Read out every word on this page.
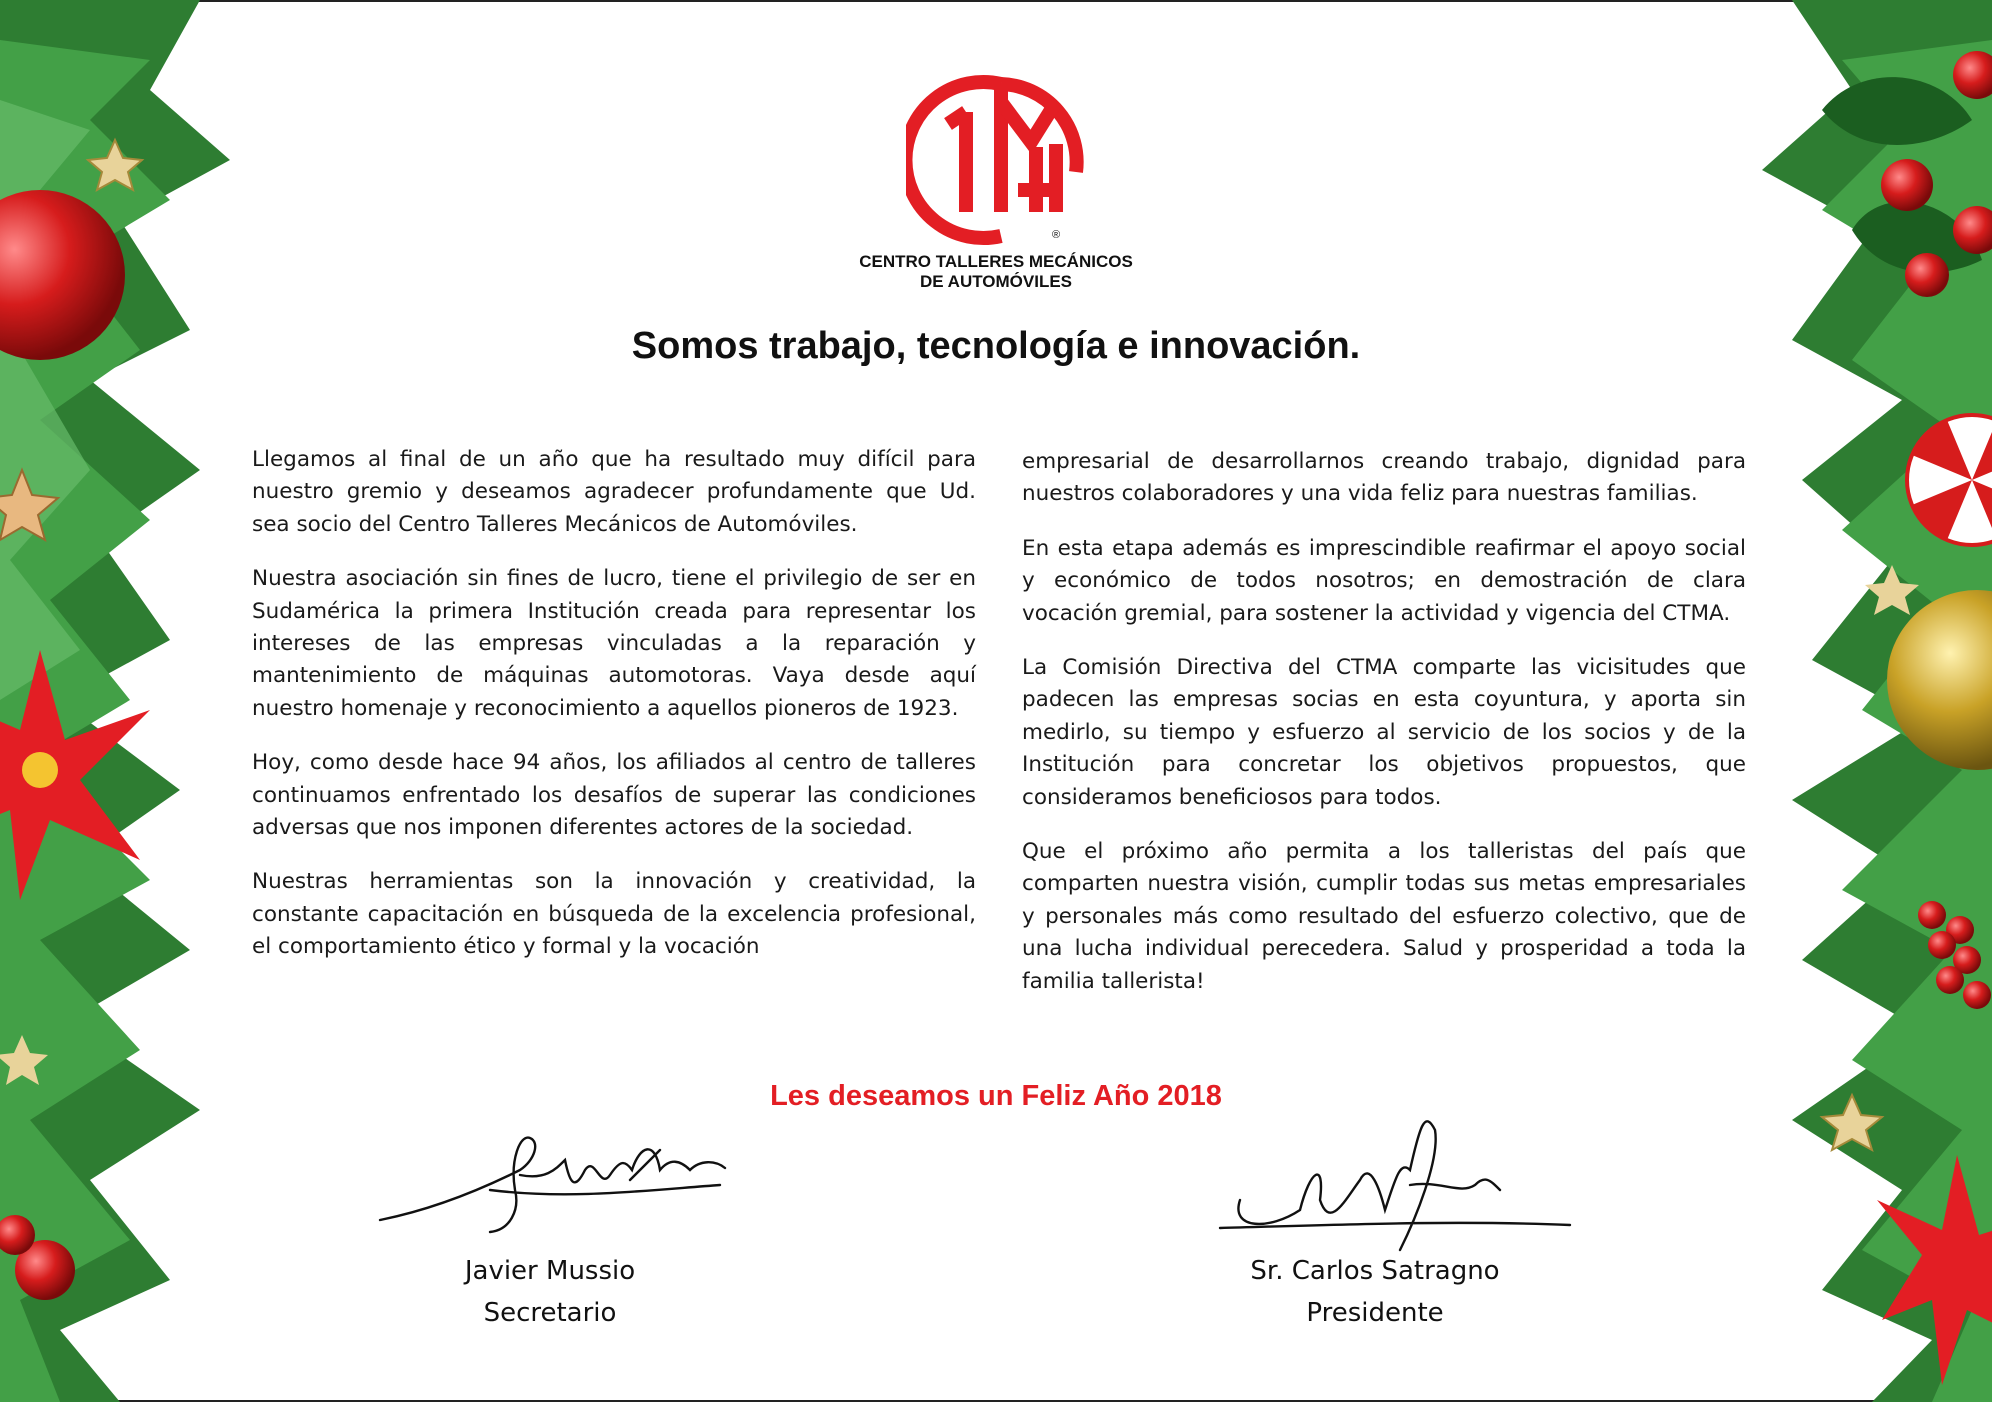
®
CENTRO TALLERES MECÁNICOS
DE AUTOMÓVILES
Somos trabajo, tecnología e innovación.

Llegamos al final de un año que ha resultado muy difícil para nuestro gremio y deseamos agradecer profundamente que Ud. sea socio del Centro Talleres Mecánicos de Automóviles.

Nuestra asociación sin fines de lucro, tiene el privilegio de ser en Sudamérica la primera Institución creada para representar los intereses de las empresas vinculadas a la reparación y mantenimiento de máquinas automotoras. Vaya desde aquí nuestro homenaje y reconocimiento a aquellos pioneros de 1923.

Hoy, como desde hace 94 años, los afiliados al centro de talleres continuamos enfrentado los desafíos de superar las condiciones adversas que nos imponen diferentes actores de la sociedad.

Nuestras herramientas son la innovación y creatividad, la constante capacitación en búsqueda de la excelencia profesional, el comportamiento ético y formal y la vocación

empresarial de desarrollarnos creando trabajo, dignidad para nuestros colaboradores y una vida feliz para nuestras familias.

En esta etapa además es imprescindible reafirmar el apoyo social y económico de todos nosotros; en demostración de clara vocación gremial, para sostener la actividad y vigencia del CTMA.

La Comisión Directiva del CTMA comparte las vicisitudes que padecen las empresas socias en esta coyuntura, y aporta sin medirlo, su tiempo y esfuerzo al servicio de los socios y de la Institución para concretar los objetivos propuestos, que consideramos beneficiosos para todos.

Que el próximo año permita a los talleristas del país que comparten nuestra visión, cumplir todas sus metas empresariales y personales más como resultado del esfuerzo colectivo, que de una lucha individual perecedera. Salud y prosperidad a toda la familia tallerista!

Les deseamos un Feliz Año 2018
Javier Mussio
Secretario
Sr. Carlos Satragno
Presidente
